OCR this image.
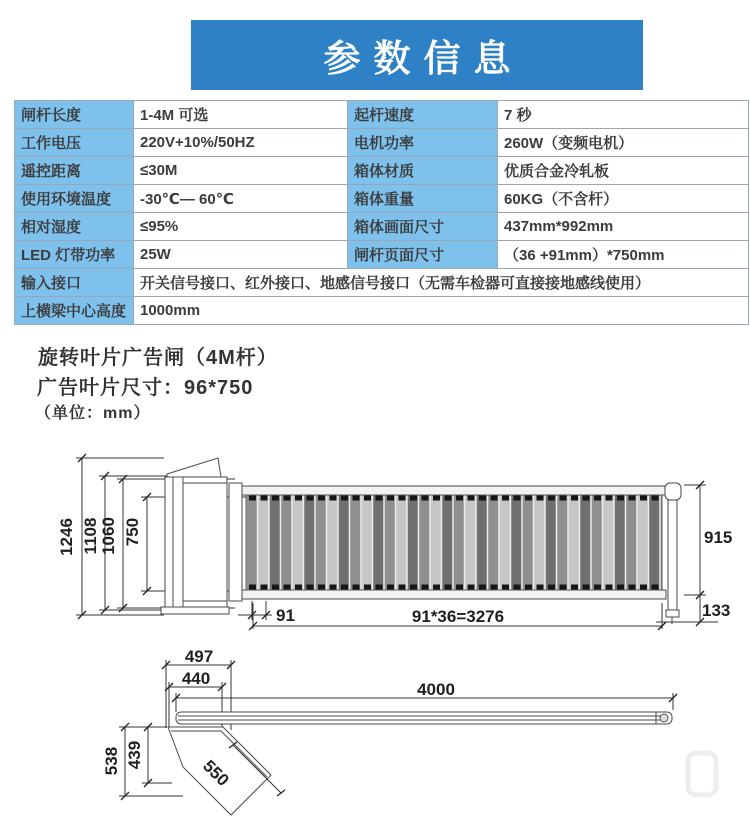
参数信息
闸杆长度	1-4M 可选	起杆速度	7 秒
工作电压	220V+10%/50HZ	电机功率	260W（变频电机）
遥控距离	≤30M	箱体材质	优质合金冷轧板
使用环境温度	-30℃— 60℃	箱体重量	60KG（不含杆）
相对湿度	≤95%	箱体画面尺寸	437mm*992mm
LED 灯带功率	25W	闸杆页面尺寸	（36 +91mm）*750mm
输入接口	开关信号接口、红外接口、地感信号接口（无需车检器可直接接地感线使用）		
上横梁中心高度	1000mm		
旋转叶片广告闸（4M杆）
广告叶片尺寸：96*750
（单位：mm）
1246 1108 1060 750	915
133
91	91*36=3276
497
440
4000
538 439
550
